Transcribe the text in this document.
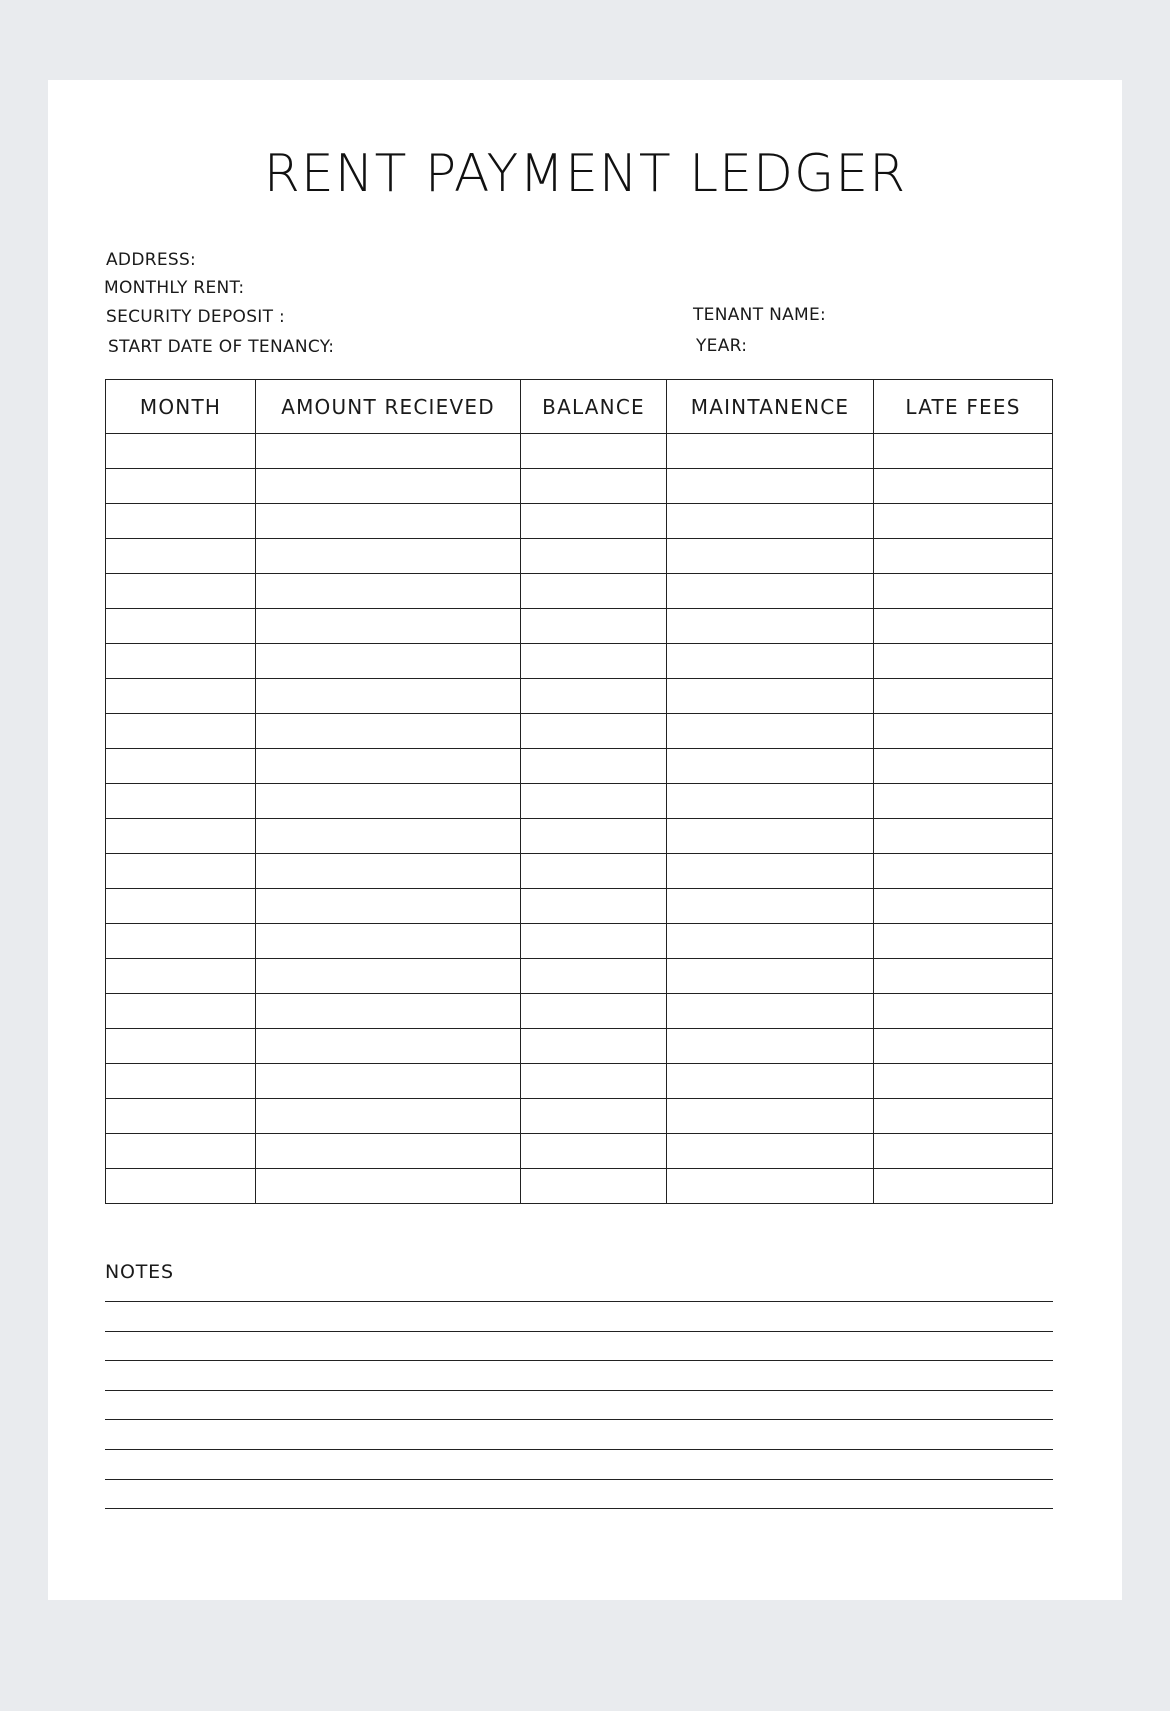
RENT PAYMENT LEDGER
ADDRESS:
MONTHLY RENT:
SECURITY DEPOSIT :
START DATE OF TENANCY:
TENANT NAME:
YEAR:
MONTH	AMOUNT RECIEVED	BALANCE	MAINTANENCE	LATE FEES

NOTES
